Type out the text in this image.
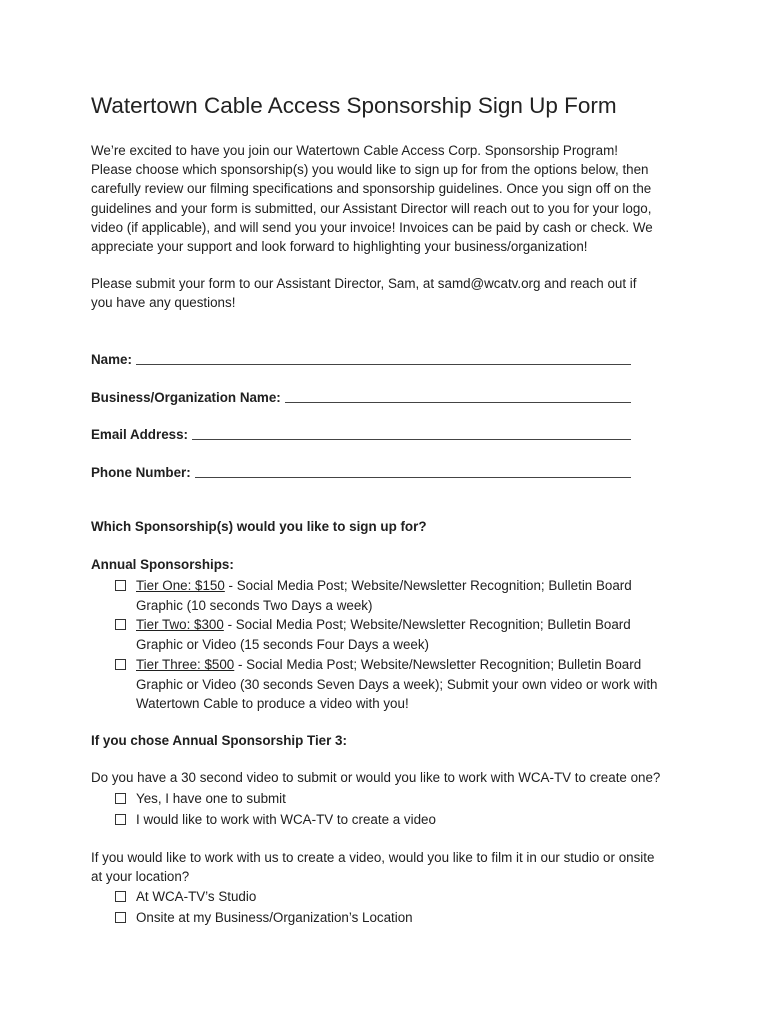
Watertown Cable Access Sponsorship Sign Up Form

We’re excited to have you join our Watertown Cable Access Corp. Sponsorship Program!
Please choose which sponsorship(s) you would like to sign up for from the options below, then
carefully review our filming specifications and sponsorship guidelines. Once you sign off on the
guidelines and your form is submitted, our Assistant Director will reach out to you for your logo,
video (if applicable), and will send you your invoice! Invoices can be paid by cash or check. We
appreciate your support and look forward to highlighting your business/organization!

Please submit your form to our Assistant Director, Sam, at samd@wcatv.org and reach out if
you have any questions!

Name:
Business/Organization Name:
Email Address:
Phone Number:

Which Sponsorship(s) would you like to sign up for?

Annual Sponsorships:

Tier One: $150 - Social Media Post; Website/Newsletter Recognition; Bulletin Board
Graphic (10 seconds Two Days a week)
Tier Two: $300 - Social Media Post; Website/Newsletter Recognition; Bulletin Board
Graphic or Video (15 seconds Four Days a week)
Tier Three: $500 - Social Media Post; Website/Newsletter Recognition; Bulletin Board
Graphic or Video (30 seconds Seven Days a week); Submit your own video or work with
Watertown Cable to produce a video with you!

If you chose Annual Sponsorship Tier 3:

Do you have a 30 second video to submit or would you like to work with WCA-TV to create one?

Yes, I have one to submit
I would like to work with WCA-TV to create a video

If you would like to work with us to create a video, would you like to film it in our studio or onsite
at your location?

At WCA-TV’s Studio
Onsite at my Business/Organization’s Location
